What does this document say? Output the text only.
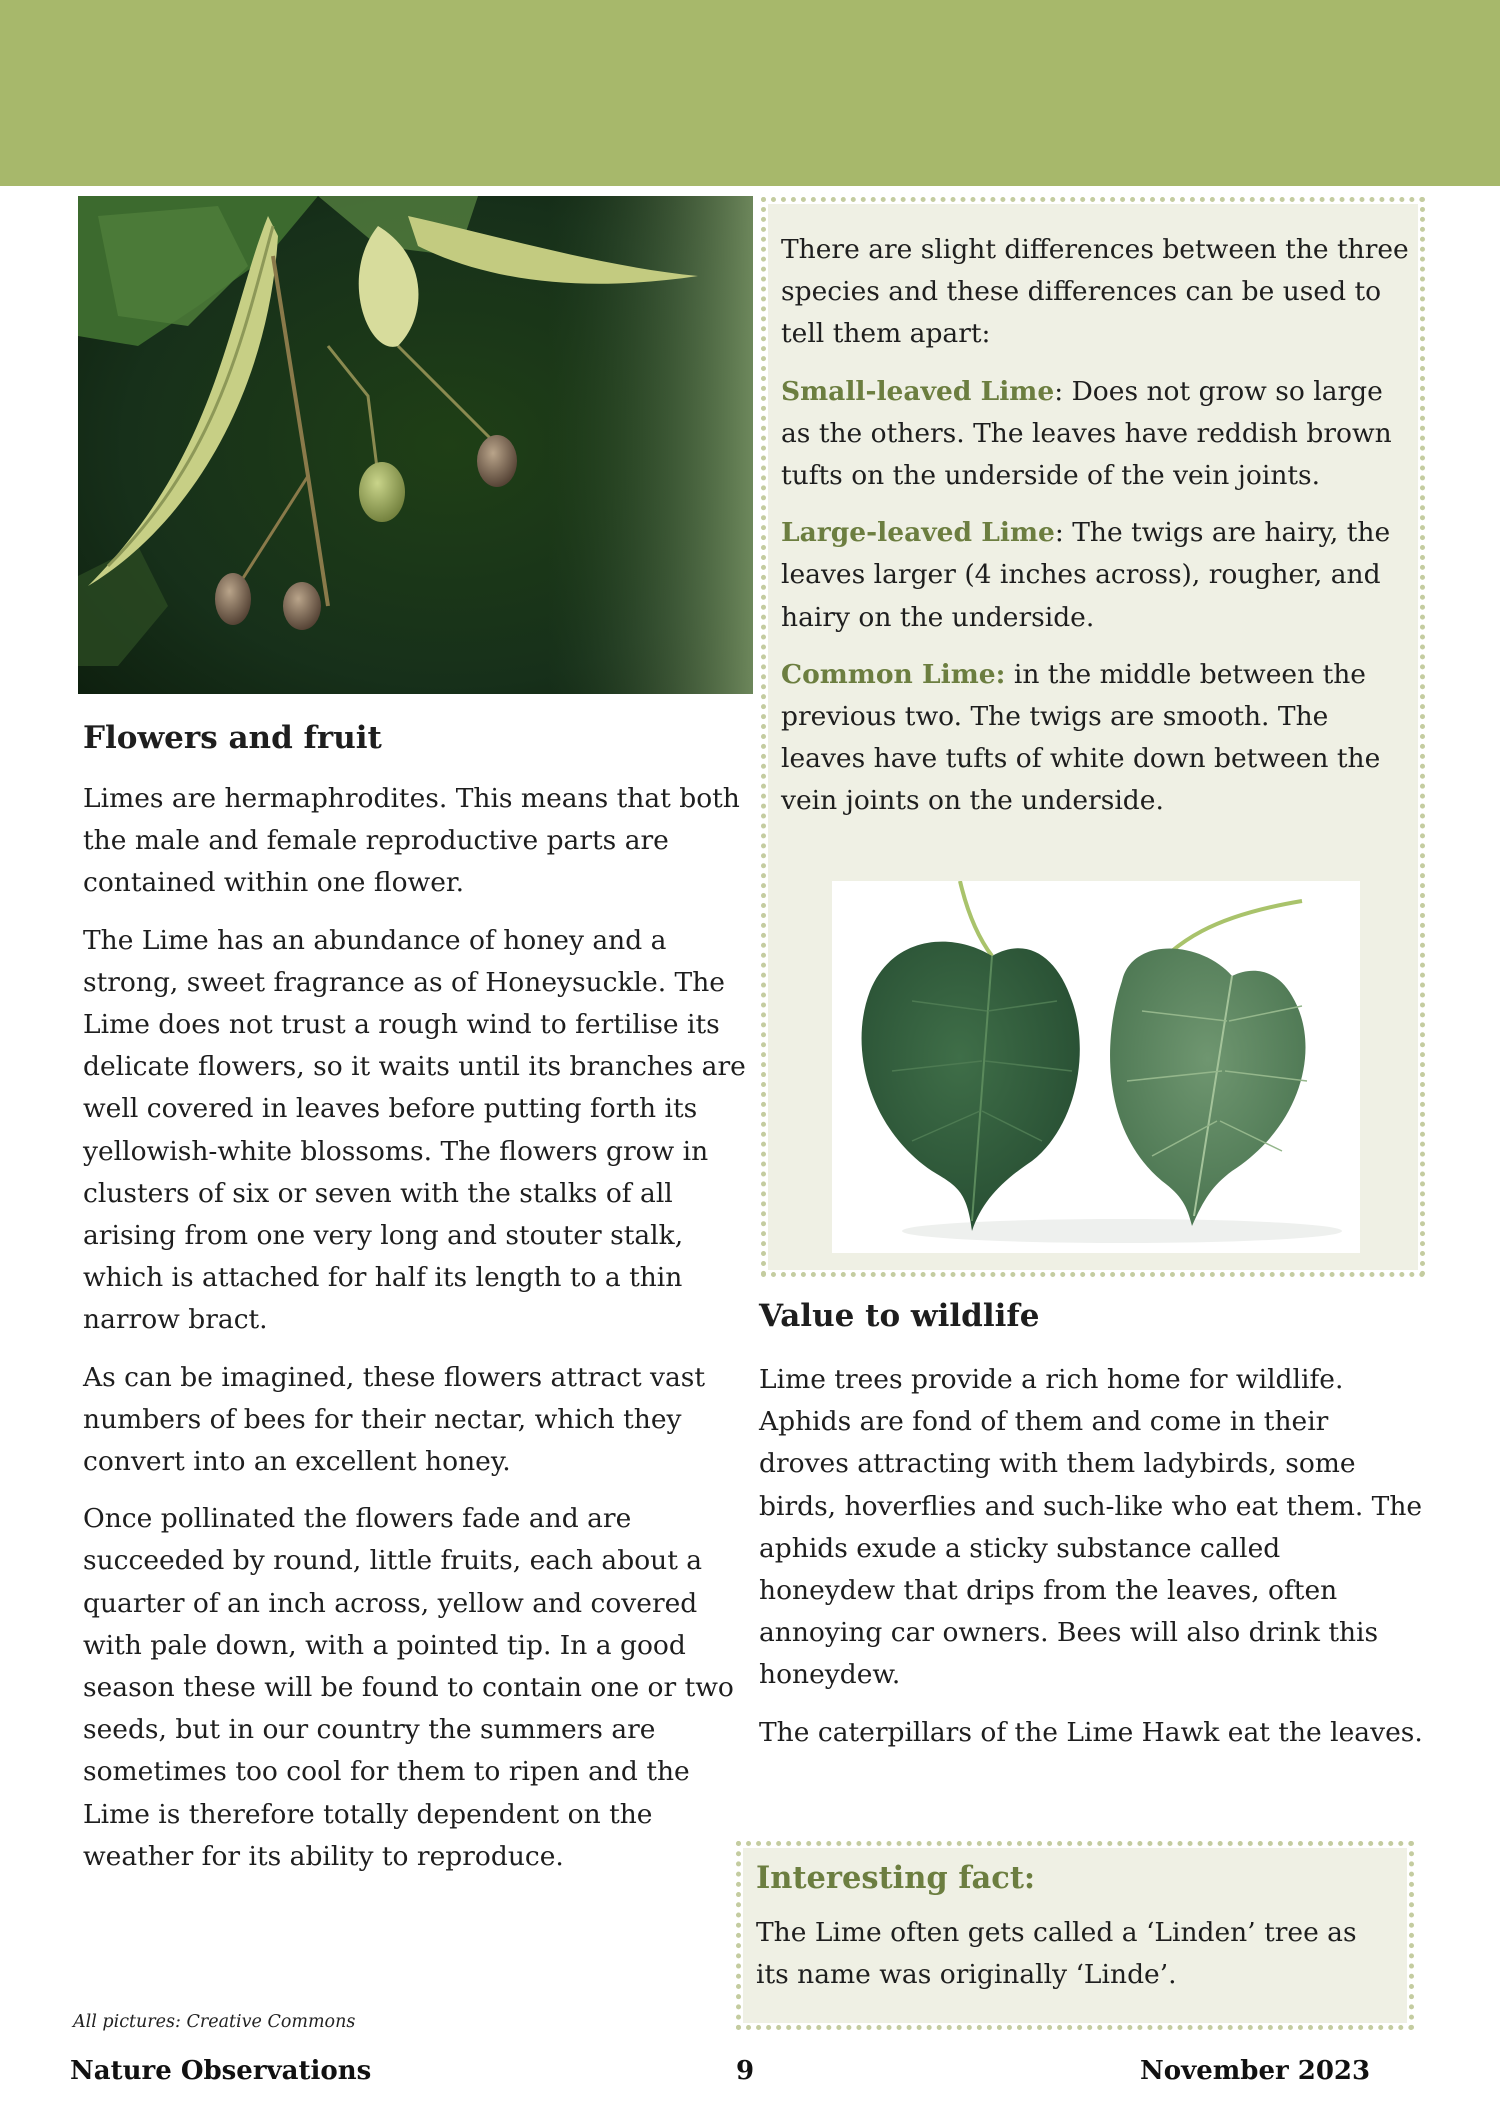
Flowers and fruit

Limes are hermaphrodites. This means that both the male and female reproductive parts are contained within one flower.

The Lime has an abundance of honey and a strong, sweet fragrance as of Honeysuckle. The Lime does not trust a rough wind to fertilise its delicate flowers, so it waits until its branches are well covered in leaves before putting forth its yellowish-white blossoms. The flowers grow in clusters of six or seven with the stalks of all arising from one very long and stouter stalk, which is attached for half its length to a thin narrow bract.

As can be imagined, these flowers attract vast numbers of bees for their nectar, which they convert into an excellent honey.

Once pollinated the flowers fade and are succeeded by round, little fruits, each about a quarter of an inch across, yellow and covered with pale down, with a pointed tip. In a good season these will be found to contain one or two seeds, but in our country the summers are sometimes too cool for them to ripen and the Lime is therefore totally dependent on the weather for its ability to reproduce.

There are slight differences between the three species and these differences can be used to tell them apart:

Small-leaved Lime: Does not grow so large as the others. The leaves have reddish brown tufts on the underside of the vein joints.

Large-leaved Lime: The twigs are hairy, the leaves larger (4 inches across), rougher, and hairy on the underside.

Common Lime: in the middle between the previous two. The twigs are smooth. The leaves have tufts of white down between the vein joints on the underside.

Value to wildlife

Lime trees provide a rich home for wildlife. Aphids are fond of them and come in their droves attracting with them ladybirds, some birds, hoverflies and such-like who eat them. The aphids exude a sticky substance called honeydew that drips from the leaves, often annoying car owners. Bees will also drink this honeydew.

The caterpillars of the Lime Hawk eat the leaves.

Interesting fact:

The Lime often gets called a ‘Linden’ tree as its name was originally ‘Linde’.

All pictures: Creative Commons
Nature Observations	9	November 2023
